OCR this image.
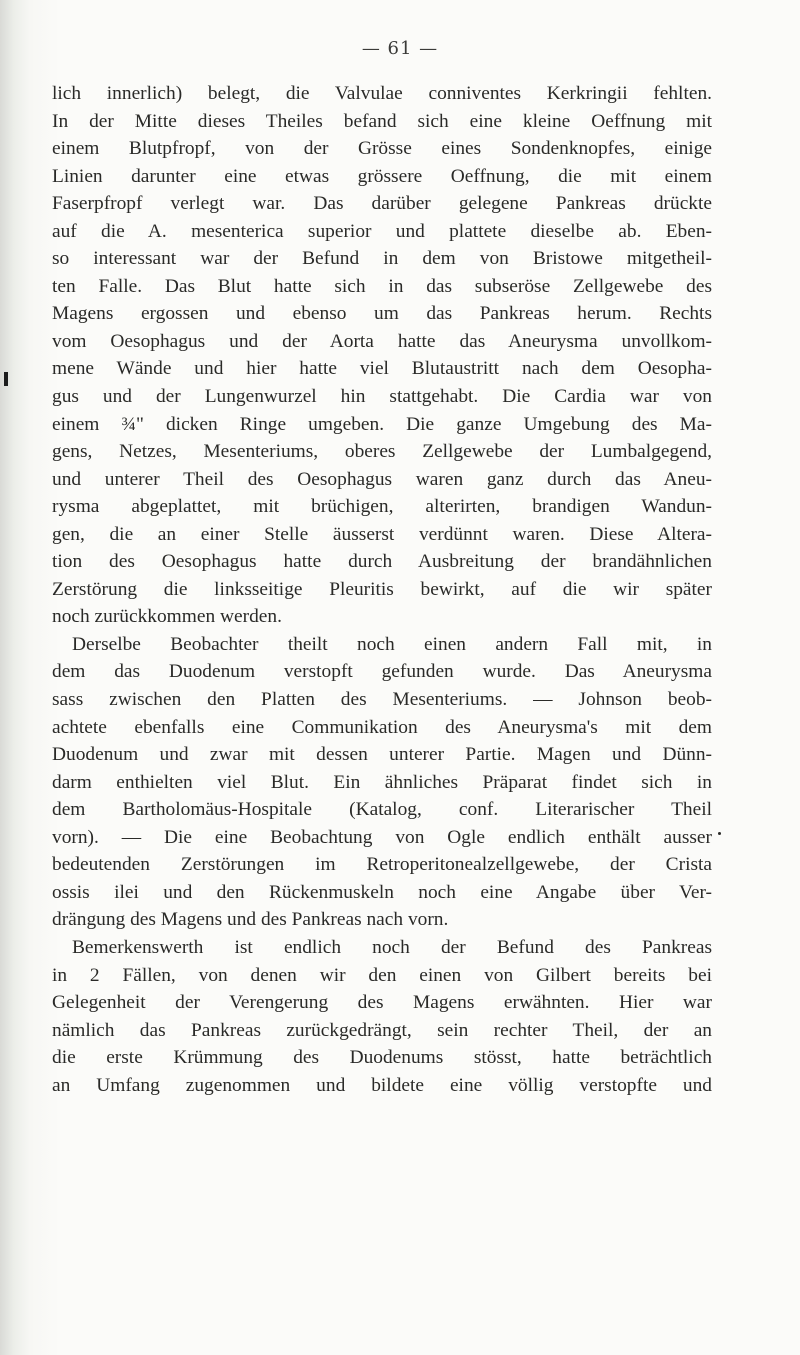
— 61 —
lich innerlich) belegt, die Valvulae conniventes Kerkringii fehlten.
In der Mitte dieses Theiles befand sich eine kleine Oeffnung mit
einem Blutpfropf, von der Grösse eines Sondenknopfes, einige
Linien darunter eine etwas grössere Oeffnung, die mit einem
Faserpfropf verlegt war. Das darüber gelegene Pankreas drückte
auf die A. mesenterica superior und plattete dieselbe ab. Eben-
so interessant war der Befund in dem von Bristowe mitgetheil-
ten Falle. Das Blut hatte sich in das subseröse Zellgewebe des
Magens ergossen und ebenso um das Pankreas herum. Rechts
vom Oesophagus und der Aorta hatte das Aneurysma unvollkom-
mene Wände und hier hatte viel Blutaustritt nach dem Oesopha-
gus und der Lungenwurzel hin stattgehabt. Die Cardia war von
einem ¾" dicken Ringe umgeben. Die ganze Umgebung des Ma-
gens, Netzes, Mesenteriums, oberes Zellgewebe der Lumbalgegend,
und unterer Theil des Oesophagus waren ganz durch das Aneu-
rysma abgeplattet, mit brüchigen, alterirten, brandigen Wandun-
gen, die an einer Stelle äusserst verdünnt waren. Diese Altera-
tion des Oesophagus hatte durch Ausbreitung der brandähnlichen
Zerstörung die linksseitige Pleuritis bewirkt, auf die wir später
noch zurückkommen werden.
Derselbe Beobachter theilt noch einen andern Fall mit, in
dem das Duodenum verstopft gefunden wurde. Das Aneurysma
sass zwischen den Platten des Mesenteriums. — Johnson beob-
achtete ebenfalls eine Communikation des Aneurysma's mit dem
Duodenum und zwar mit dessen unterer Partie. Magen und Dünn-
darm enthielten viel Blut. Ein ähnliches Präparat findet sich in
dem Bartholomäus-Hospitale (Katalog, conf. Literarischer Theil
vorn). — Die eine Beobachtung von Ogle endlich enthält ausser
bedeutenden Zerstörungen im Retroperitonealzellgewebe, der Crista
ossis ilei und den Rückenmuskeln noch eine Angabe über Ver-
drängung des Magens und des Pankreas nach vorn.
Bemerkenswerth ist endlich noch der Befund des Pankreas
in 2 Fällen, von denen wir den einen von Gilbert bereits bei
Gelegenheit der Verengerung des Magens erwähnten. Hier war
nämlich das Pankreas zurückgedrängt, sein rechter Theil, der an
die erste Krümmung des Duodenums stösst, hatte beträchtlich
an Umfang zugenommen und bildete eine völlig verstopfte und
